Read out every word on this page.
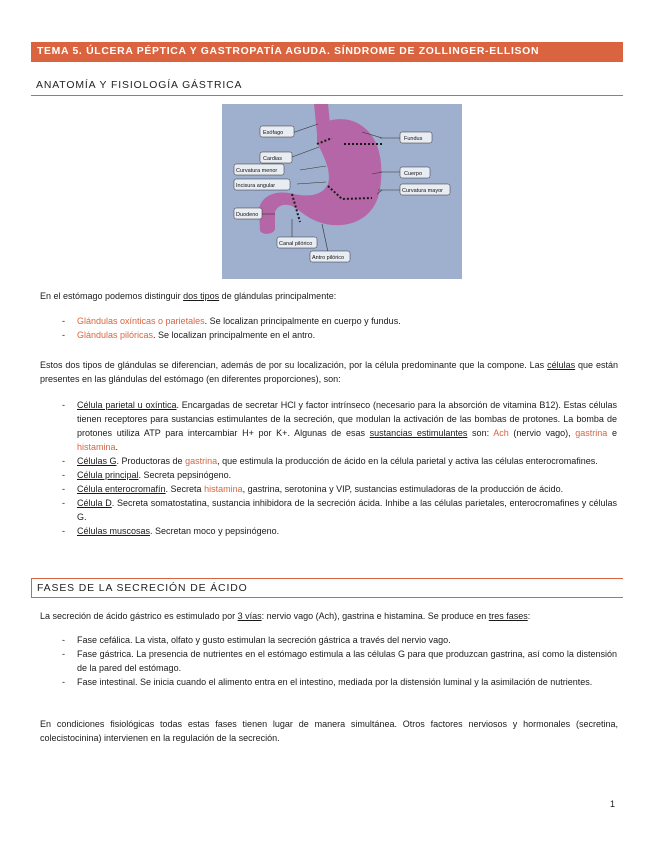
TEMA 5. ÚLCERA PÉPTICA Y GASTROPATÍA AGUDA. SÍNDROME DE ZOLLINGER-ELLISON
ANATOMÍA Y FISIOLOGÍA GÁSTRICA
Esófago
Cardias
Curvatura menor
Incisura angular
Duodeno
Canal pilórico
Antro pilórico
Fundus
Cuerpo
Curvatura mayor

En el estómago podemos distinguir dos tipos de glándulas principalmente:

- Glándulas oxínticas o parietales. Se localizan principalmente en cuerpo y fundus.
- Glándulas pilóricas. Se localizan principalmente en el antro.

Estos dos tipos de glándulas se diferencian, además de por su localización, por la célula predominante que la compone. Las células que están presentes en las glándulas del estómago (en diferentes proporciones), son:

- Célula parietal u oxíntica. Encargadas de secretar HCl y factor intrínseco (necesario para la absorción de vitamina B12). Estas células tienen receptores para sustancias estimulantes de la secreción, que modulan la activación de las bombas de protones. La bomba de protones utiliza ATP para intercambiar H+ por K+. Algunas de esas sustancias estimulantes son: Ach (nervio vago), gastrina e histamina.
- Células G. Productoras de gastrina, que estimula la producción de ácido en la célula parietal y activa las células enterocromafines.
- Célula principal. Secreta pepsinógeno.
- Célula enterocromafín. Secreta histamina, gastrina, serotonina y VIP, sustancias estimuladoras de la producción de ácido.
- Célula D. Secreta somatostatina, sustancia inhibidora de la secreción ácida. Inhibe a las células parietales, enterocromafines y células G.
- Células muscosas. Secretan moco y pepsinógeno.
FASES DE LA SECRECIÓN DE ÁCIDO

La secreción de ácido gástrico es estimulado por 3 vías: nervio vago (Ach), gastrina e histamina. Se produce en tres fases:

- Fase cefálica. La vista, olfato y gusto estimulan la secreción gástrica a través del nervio vago.
- Fase gástrica. La presencia de nutrientes en el estómago estimula a las células G para que produzcan gastrina, así como la distensión de la pared del estómago.
- Fase intestinal. Se inicia cuando el alimento entra en el intestino, mediada por la distensión luminal y la asimilación de nutrientes.

En condiciones fisiológicas todas estas fases tienen lugar de manera simultánea. Otros factores nerviosos y hormonales (secretina, colecistocinina) intervienen en la regulación de la secreción.

1
